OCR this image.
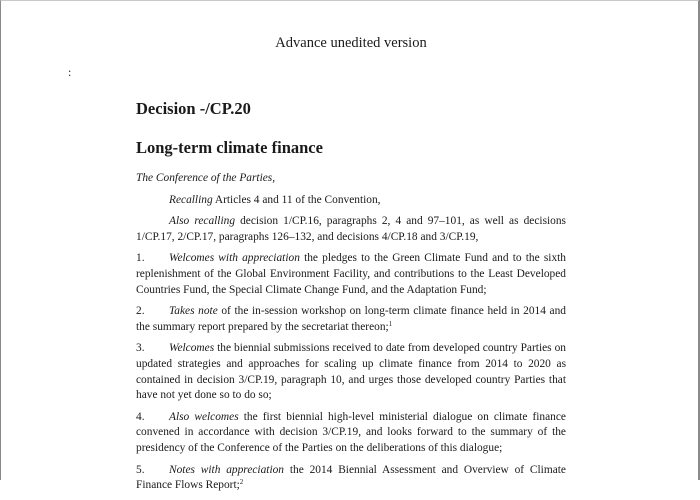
Advance unedited version
:
Decision -/CP.20
Long-term climate finance

The Conference of the Parties,

Recalling Articles 4 and 11 of the Convention,

Also recalling decision 1/CP.16, paragraphs 2, 4 and 97–101, as well as decisions 1/CP.17, 2/CP.17, paragraphs 126–132, and decisions 4/CP.18 and 3/CP.19,

1. Welcomes with appreciation the pledges to the Green Climate Fund and to the sixth replenishment of the Global Environment Facility, and contributions to the Least Developed Countries Fund, the Special Climate Change Fund, and the Adaptation Fund;

2. Takes note of the in-session workshop on long-term climate finance held in 2014 and the summary report prepared by the secretariat thereon;$^1$

3. Welcomes the biennial submissions received to date from developed country Parties on updated strategies and approaches for scaling up climate finance from 2014 to 2020 as contained in decision 3/CP.19, paragraph 10, and urges those developed country Parties that have not yet done so to do so;

4. Also welcomes the first biennial high-level ministerial dialogue on climate finance convened in accordance with decision 3/CP.19, and looks forward to the summary of the presidency of the Conference of the Parties on the deliberations of this dialogue;

5. Notes with appreciation the 2014 Biennial Assessment and Overview of Climate Finance Flows Report;$^2$
